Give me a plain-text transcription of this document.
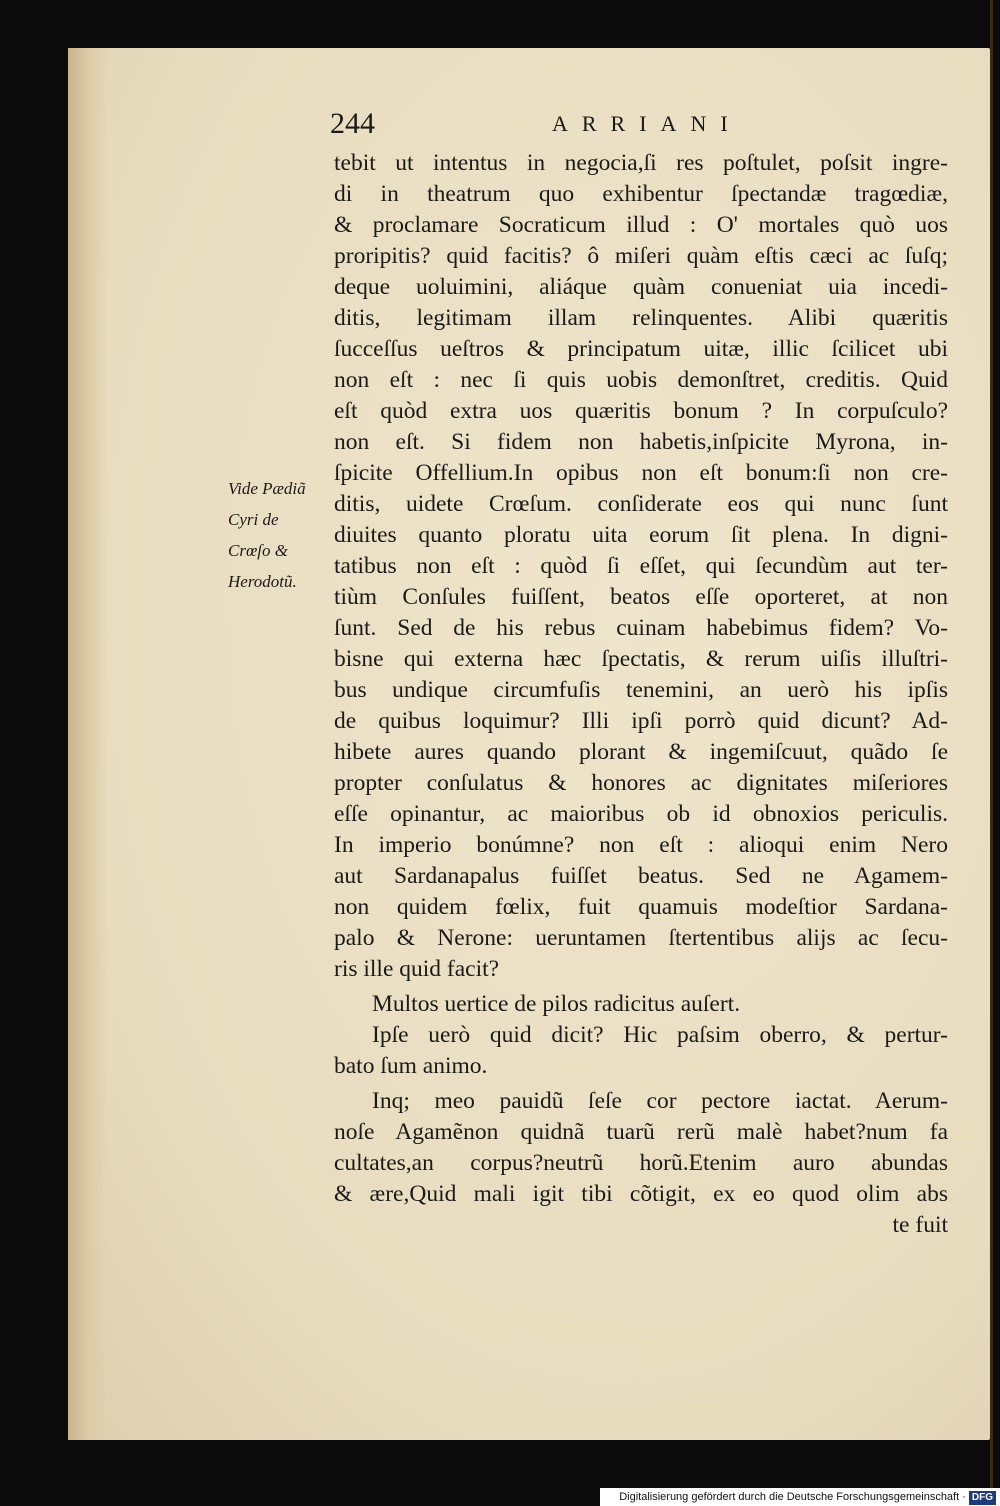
244	ARRIANI
Vide Pædiã
Cyri de
Crœſo &
Herodotũ.
tebit ut intentus in negocia,ſi res poſtulet, poſsit ingre-
di in theatrum quo exhibentur ſpectandæ tragœdiæ,
& proclamare Socraticum illud : O' mortales quò uos
proripitis? quid facitis? ô miſeri quàm eſtis cæci ac ſuſq;
deque uoluimini, aliáque quàm conueniat uia incedi-
ditis, legitimam illam relinquentes. Alibi quæritis
ſucceſſus ueſtros & principatum uitæ, illic ſcilicet ubi
non eſt : nec ſi quis uobis demonſtret, creditis. Quid
eſt quòd extra uos quæritis bonum ? In corpuſculo?
non eſt. Si fidem non habetis,inſpicite Myrona, in-
ſpicite Offellium.In opibus non eſt bonum:ſi non cre-
ditis, uidete Crœſum. conſiderate eos qui nunc ſunt
diuites quanto ploratu uita eorum ſit plena. In digni-
tatibus non eſt : quòd ſi eſſet, qui ſecundùm aut ter-
tiùm Conſules fuiſſent, beatos eſſe oporteret, at non
ſunt. Sed de his rebus cuinam habebimus fidem? Vo-
bisne qui externa hæc ſpectatis, & rerum uiſis illuſtri-
bus undique circumfuſis tenemini, an uerò his ipſis
de quibus loquimur? Illi ipſi porrò quid dicunt? Ad-
hibete aures quando plorant & ingemiſcuut, quãdo ſe
propter conſulatus & honores ac dignitates miſeriores
eſſe opinantur, ac maioribus ob id obnoxios periculis.
In imperio bonúmne? non eſt : alioqui enim Nero
aut Sardanapalus fuiſſet beatus. Sed ne Agamem-
non quidem fœlix, fuit quamuis modeſtior Sardana-
palo & Nerone: ueruntamen ſtertentibus alijs ac ſecu-
ris ille quid facit?
Multos uertice de pilos radicitus auſert.
Ipſe uerò quid dicit? Hic paſsim oberro, & pertur-
bato ſum animo.
Inq; meo pauidũ ſeſe cor pectore iactat. Aerum-
noſe Agamẽnon quidnã tuarũ rerũ malè habet?num fa
cultates,an corpus?neutrũ horũ.Etenim auro abundas
& ære,Quid mali igit tibi cõtigit, ex eo quod olim abs
te fuit
Digitalisierung gefördert durch die Deutsche Forschungsgemeinschaft · DFG
